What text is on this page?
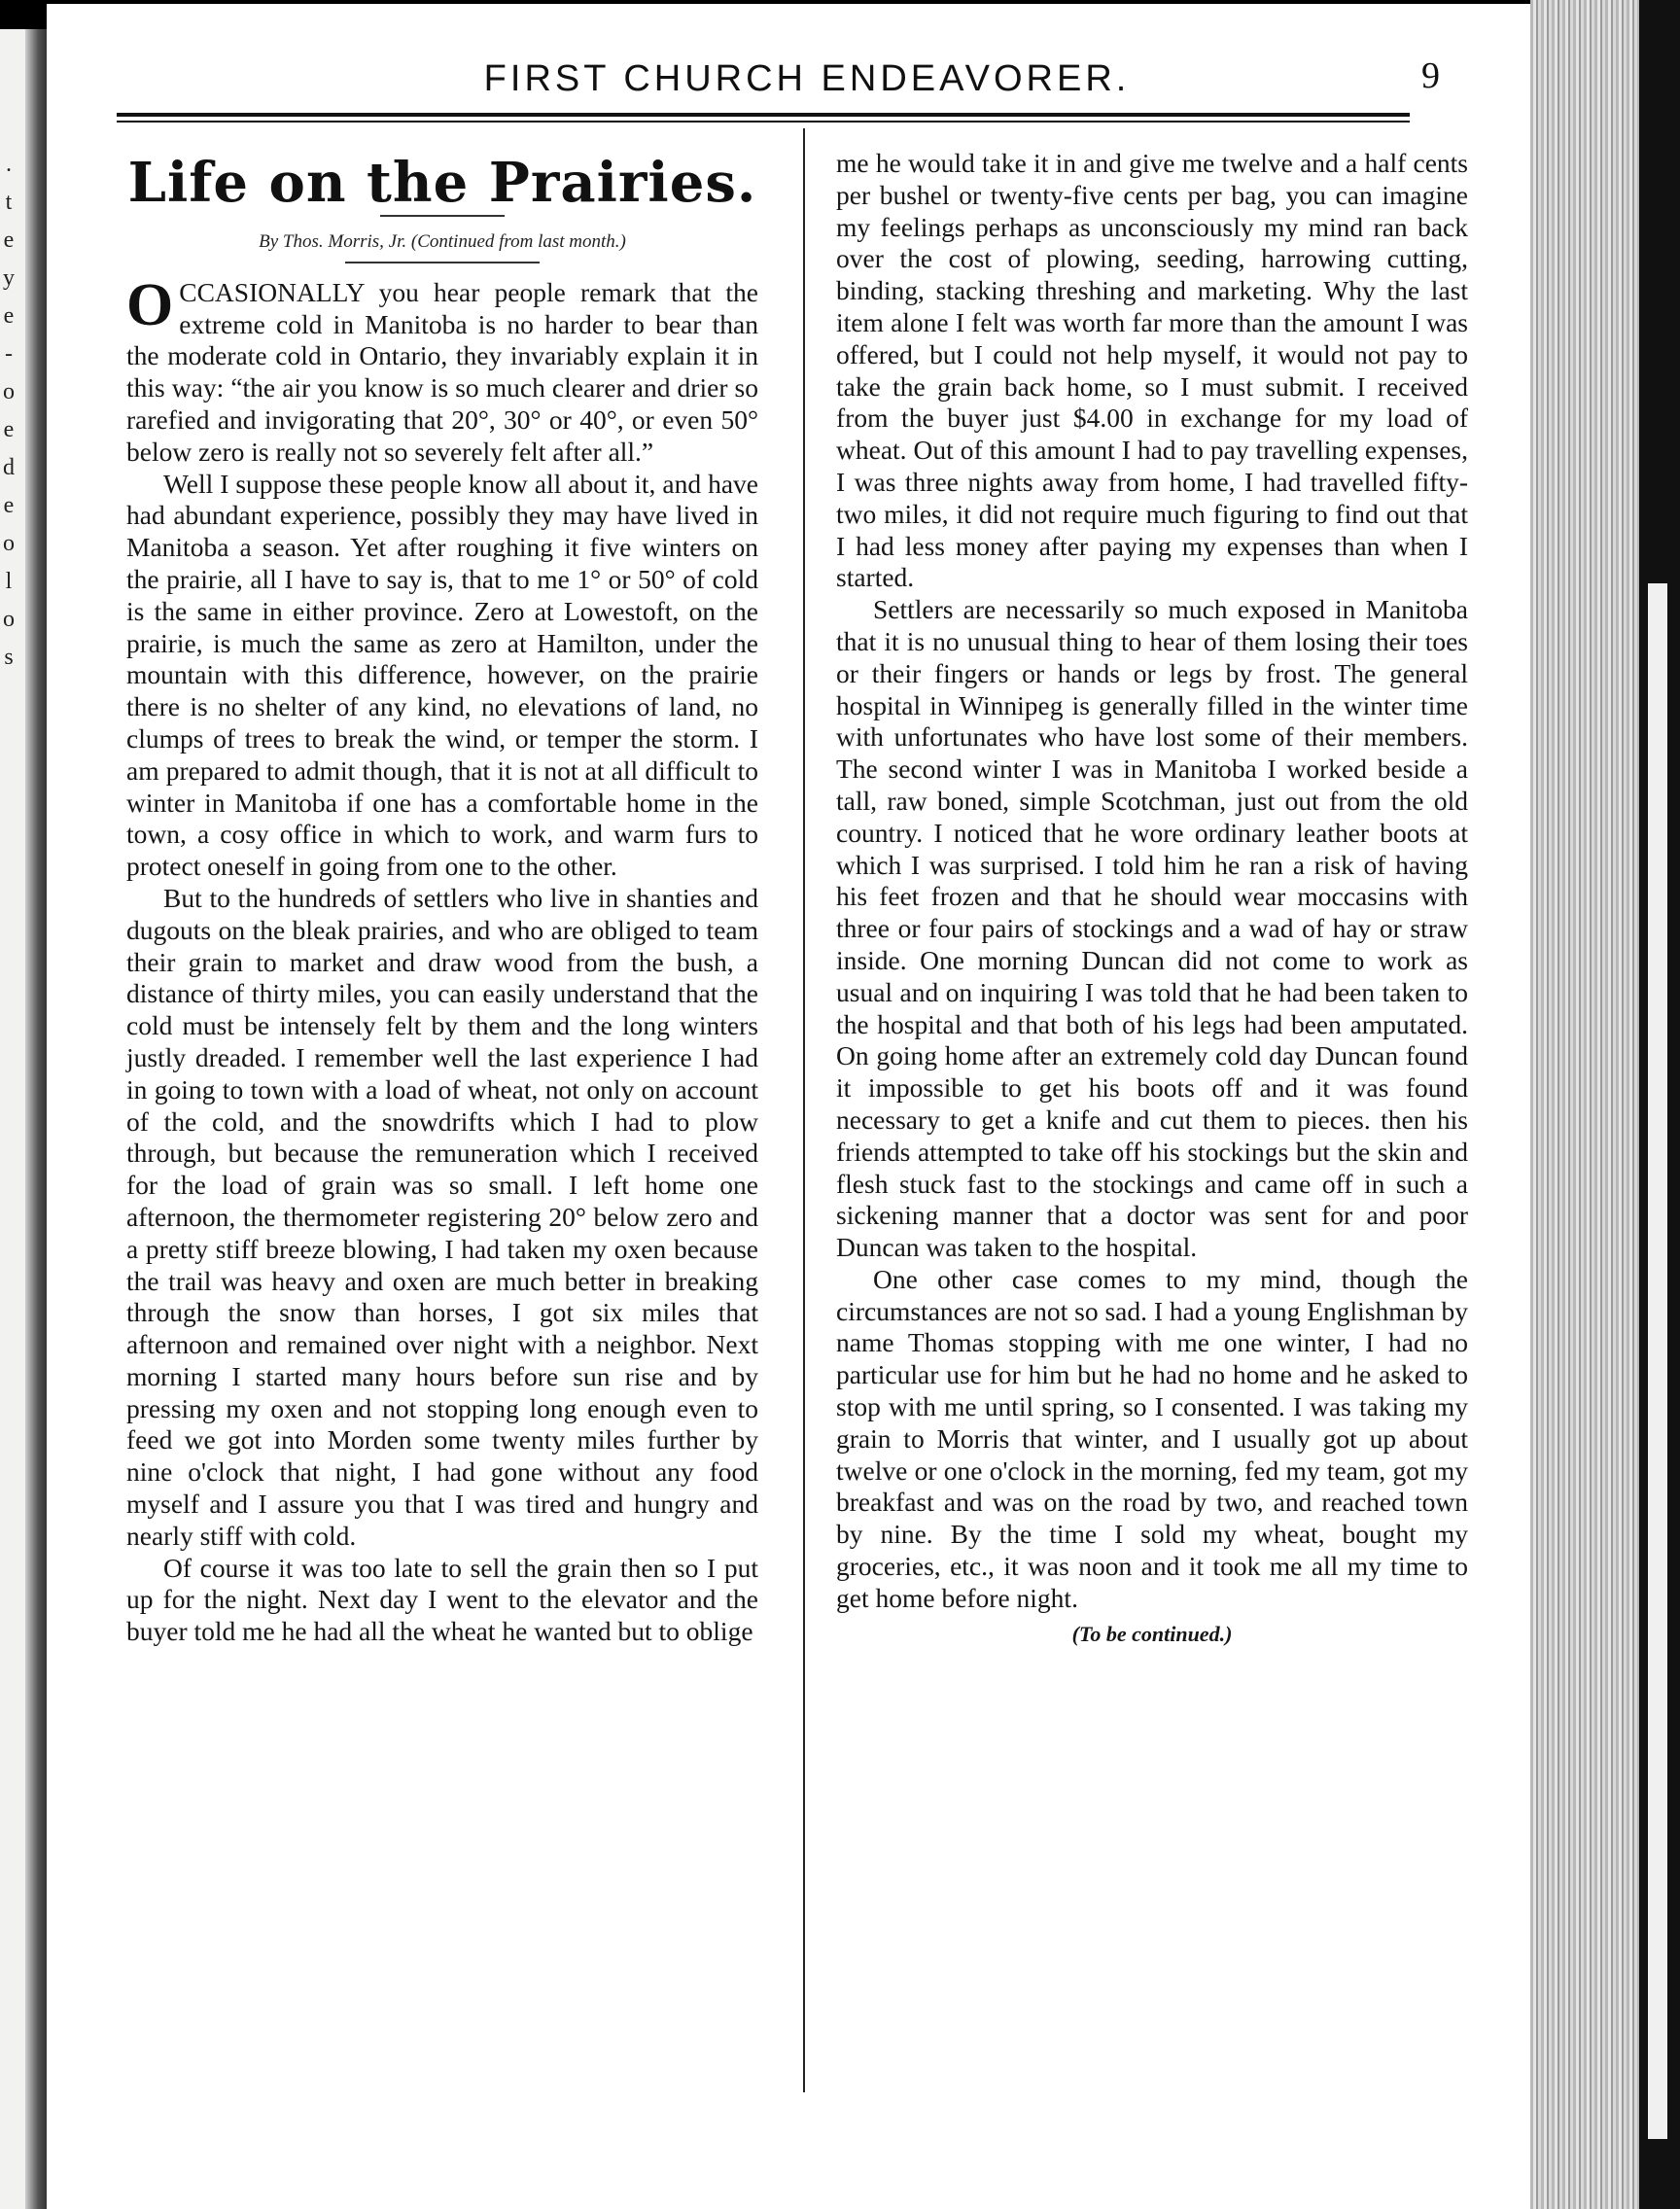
.
t
e
y
e
-
o
e
d
e
o
l
o
s
FIRST CHURCH ENDEAVORER.	9
Life on the Prairies.
By Thos. Morris, Jr. (Continued from last month.)

OCCASIONALLY you hear people remark that the extreme cold in Manitoba is no harder to bear than the moderate cold in Ontario, they invariably explain it in this way: “the air you know is so much clearer and drier so rarefied and invigorating that 20°, 30° or 40°, or even 50° below zero is really not so severely felt after all.”

Well I suppose these people know all about it, and have had abundant experience, possibly they may have lived in Manitoba a season. Yet after roughing it five winters on the prairie, all I have to say is, that to me 1° or 50° of cold is the same in either province. Zero at Lowestoft, on the prairie, is much the same as zero at Hamilton, under the mountain with this difference, however, on the prairie there is no shelter of any kind, no elevations of land, no clumps of trees to break the wind, or temper the storm. I am prepared to admit though, that it is not at all difficult to winter in Manitoba if one has a comfortable home in the town, a cosy office in which to work, and warm furs to protect oneself in going from one to the other.

But to the hundreds of settlers who live in shanties and dugouts on the bleak prairies, and who are obliged to team their grain to market and draw wood from the bush, a distance of thirty miles, you can easily understand that the cold must be intensely felt by them and the long winters justly dreaded. I remember well the last experience I had in going to town with a load of wheat, not only on account of the cold, and the snowdrifts which I had to plow through, but because the remuneration which I received for the load of grain was so small. I left home one afternoon, the thermometer registering 20° below zero and a pretty stiff breeze blowing, I had taken my oxen because the trail was heavy and oxen are much better in breaking through the snow than horses, I got six miles that afternoon and remained over night with a neighbor. Next morning I started many hours before sun rise and by pressing my oxen and not stopping long enough even to feed we got into Morden some twenty miles further by nine o'clock that night, I had gone without any food myself and I assure you that I was tired and hungry and nearly stiff with cold.

Of course it was too late to sell the grain then so I put up for the night. Next day I went to the elevator and the buyer told me he had all the wheat he wanted but to oblige

me he would take it in and give me twelve and a half cents per bushel or twenty-five cents per bag, you can imagine my feelings perhaps as unconsciously my mind ran back over the cost of plowing, seeding, harrowing cutting, binding, stacking threshing and marketing. Why the last item alone I felt was worth far more than the amount I was offered, but I could not help myself, it would not pay to take the grain back home, so I must submit. I received from the buyer just $4.00 in exchange for my load of wheat. Out of this amount I had to pay travelling expenses, I was three nights away from home, I had travelled fifty-two miles, it did not require much figuring to find out that I had less money after paying my expenses than when I started.

Settlers are necessarily so much exposed in Manitoba that it is no unusual thing to hear of them losing their toes or their fingers or hands or legs by frost. The general hospital in Winnipeg is generally filled in the winter time with unfortunates who have lost some of their members. The second winter I was in Manitoba I worked beside a tall, raw boned, simple Scotchman, just out from the old country. I noticed that he wore ordinary leather boots at which I was surprised. I told him he ran a risk of having his feet frozen and that he should wear moccasins with three or four pairs of stockings and a wad of hay or straw inside. One morning Duncan did not come to work as usual and on inquiring I was told that he had been taken to the hospital and that both of his legs had been amputated. On going home after an extremely cold day Duncan found it impossible to get his boots off and it was found necessary to get a knife and cut them to pieces. then his friends attempted to take off his stockings but the skin and flesh stuck fast to the stockings and came off in such a sickening manner that a doctor was sent for and poor Duncan was taken to the hospital.

One other case comes to my mind, though the circumstances are not so sad. I had a young Englishman by name Thomas stopping with me one winter, I had no particular use for him but he had no home and he asked to stop with me until spring, so I consented. I was taking my grain to Morris that winter, and I usually got up about twelve or one o'clock in the morning, fed my team, got my breakfast and was on the road by two, and reached town by nine. By the time I sold my wheat, bought my groceries, etc., it was noon and it took me all my time to get home before night.

(To be continued.)
